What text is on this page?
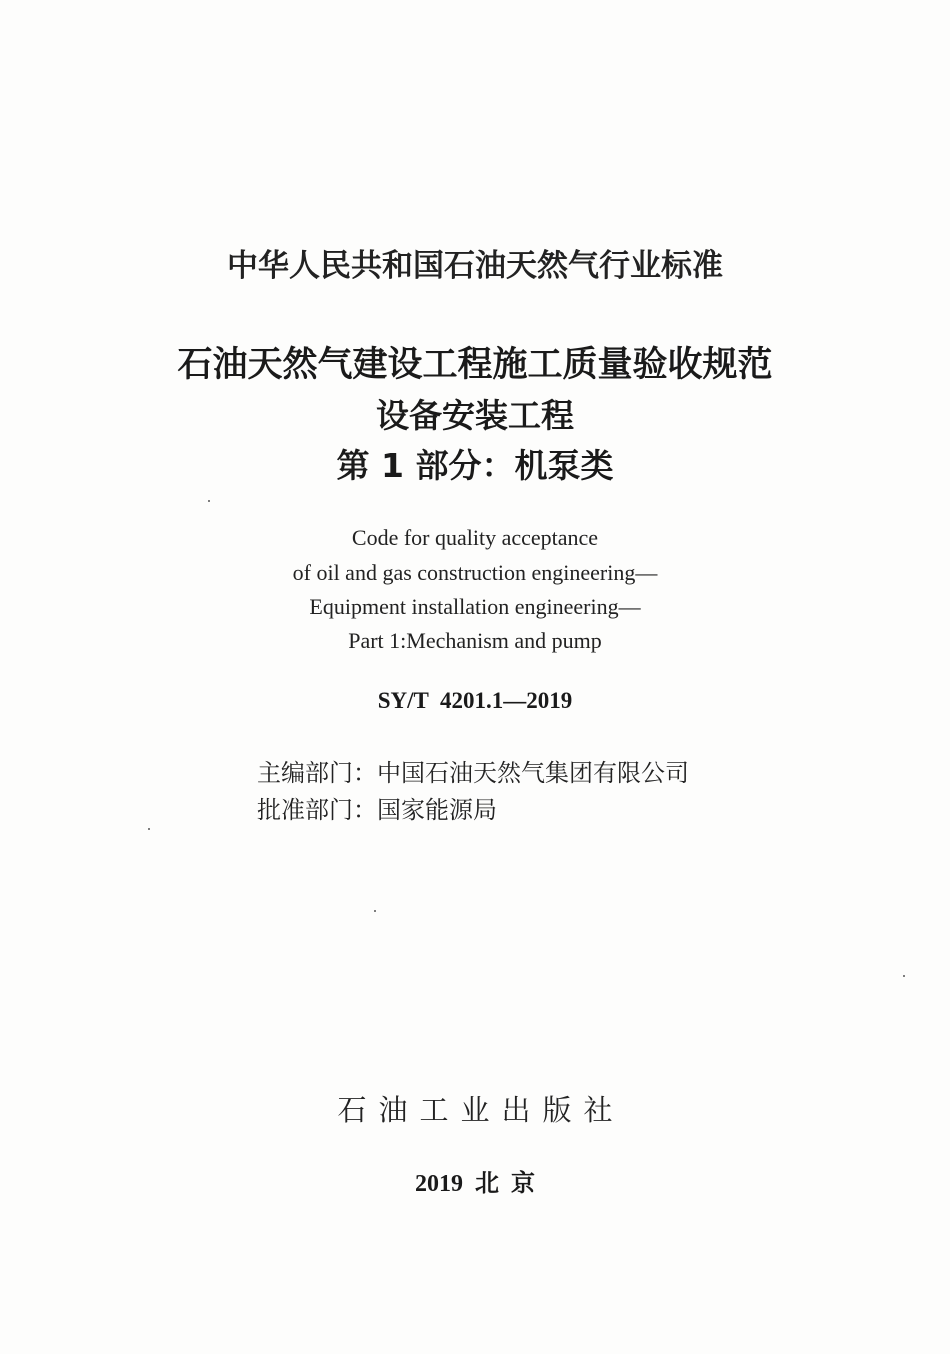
中华人民共和国石油天然气行业标准
石油天然气建设工程施工质量验收规范
设备安装工程
第 1 部分：机泵类
Code for quality acceptance
of oil and gas construction engineering—
Equipment installation engineering—
Part 1:Mechanism and pump
SY/T  4201.1—2019
主编部门：中国石油天然气集团有限公司
批准部门：国家能源局
石油工业出版社
2019  北  京
